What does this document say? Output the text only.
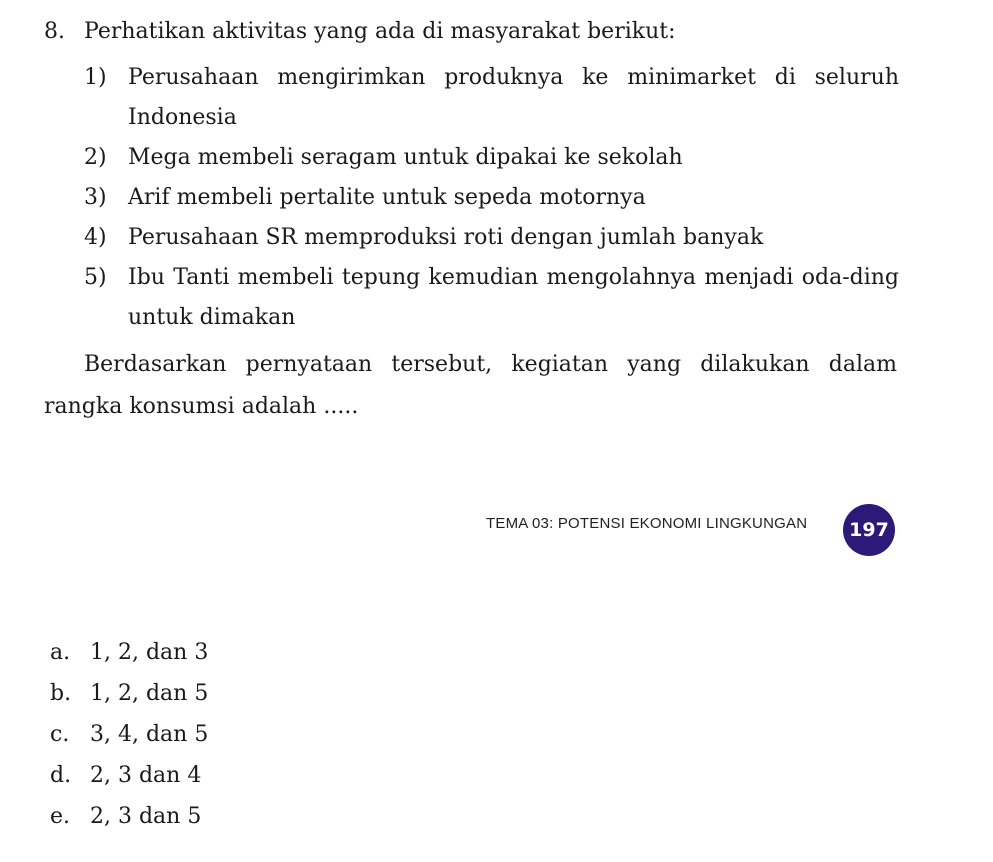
8. Perhatikan aktivitas yang ada di masyarakat berikut:
1) Perusahaan mengirimkan produknya ke minimarket di seluruh Indonesia
2) Mega membeli seragam untuk dipakai ke sekolah
3) Arif membeli pertalite untuk sepeda motornya
4) Perusahaan SR memproduksi roti dengan jumlah banyak
5) Ibu Tanti membeli tepung kemudian mengolahnya menjadi oda-ding untuk dimakan

Berdasarkan pernyataan tersebut, kegiatan yang dilakukan dalam rangka konsumsi adalah .....

TEMA 03: POTENSI EKONOMI LINGKUNGAN	197
a. 1, 2, dan 3
b. 1, 2, dan 5
c. 3, 4, dan 5
d. 2, 3 dan 4
e. 2, 3 dan 5
